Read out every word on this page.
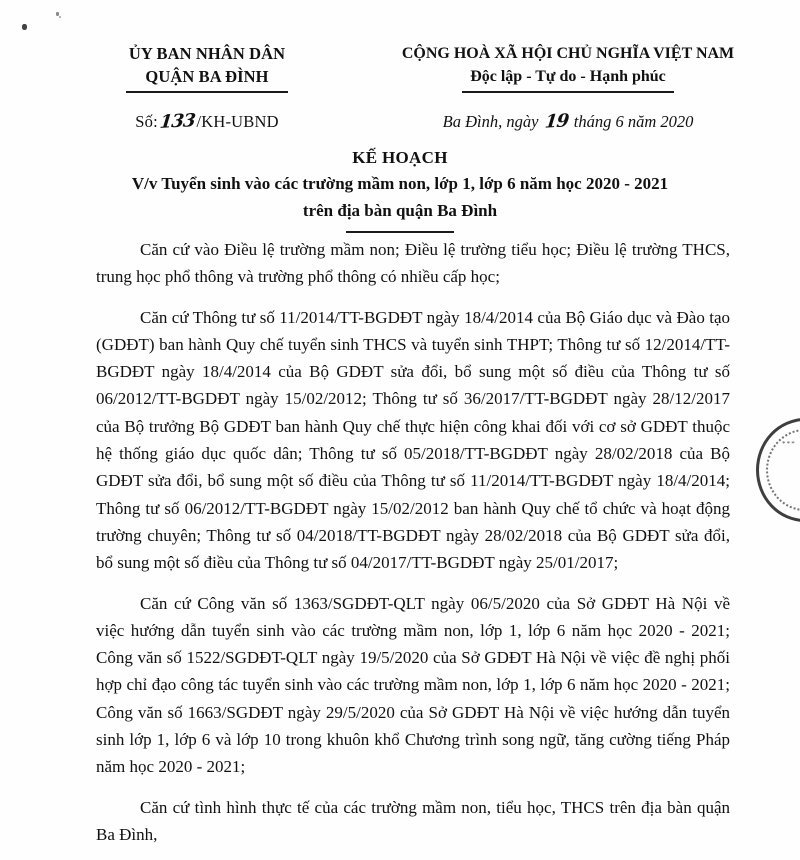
* * *
ỦY BAN NHÂN DÂN
QUẬN BA ĐÌNH
Số:133/KH-UBND
CỘNG HOÀ XÃ HỘI CHỦ NGHĨA VIỆT NAM
Độc lập - Tự do - Hạnh phúc
Ba Đình, ngày 19 tháng 6 năm 2020
KẾ HOẠCH
V/v Tuyển sinh vào các trường mầm non, lớp 1, lớp 6 năm học 2020 - 2021
trên địa bàn quận Ba Đình

Căn cứ vào Điều lệ trường mầm non; Điều lệ trường tiểu học; Điều lệ trường THCS, trung học phổ thông và trường phổ thông có nhiều cấp học;

Căn cứ Thông tư số 11/2014/TT-BGDĐT ngày 18/4/2014 của Bộ Giáo dục và Đào tạo (GDĐT) ban hành Quy chế tuyển sinh THCS và tuyển sinh THPT; Thông tư số 12/2014/TT-BGDĐT ngày 18/4/2014 của Bộ GDĐT sửa đổi, bổ sung một số điều của Thông tư số 06/2012/TT-BGDĐT ngày 15/02/2012; Thông tư số 36/2017/TT-BGDĐT ngày 28/12/2017 của Bộ trưởng Bộ GDĐT ban hành Quy chế thực hiện công khai đối với cơ sở GDĐT thuộc hệ thống giáo dục quốc dân; Thông tư số 05/2018/TT-BGDĐT ngày 28/02/2018 của Bộ GDĐT sửa đổi, bổ sung một số điều của Thông tư số 11/2014/TT-BGDĐT ngày 18/4/2014; Thông tư số 06/2012/TT-BGDĐT ngày 15/02/2012 ban hành Quy chế tổ chức và hoạt động trường chuyên; Thông tư số 04/2018/TT-BGDĐT ngày 28/02/2018 của Bộ GDĐT sửa đổi, bổ sung một số điều của Thông tư số 04/2017/TT-BGDĐT ngày 25/01/2017;

Căn cứ Công văn số 1363/SGDĐT-QLT ngày 06/5/2020 của Sở GDĐT Hà Nội về việc hướng dẫn tuyển sinh vào các trường mầm non, lớp 1, lớp 6 năm học 2020 - 2021; Công văn số 1522/SGDĐT-QLT ngày 19/5/2020 của Sở GDĐT Hà Nội về việc đề nghị phối hợp chỉ đạo công tác tuyển sinh vào các trường mầm non, lớp 1, lớp 6 năm học 2020 - 2021; Công văn số 1663/SGDĐT ngày 29/5/2020 của Sở GDĐT Hà Nội về việc hướng dẫn tuyển sinh lớp 1, lớp 6 và lớp 10 trong khuôn khổ Chương trình song ngữ, tăng cường tiếng Pháp năm học 2020 - 2021;

Căn cứ tình hình thực tế của các trường mầm non, tiểu học, THCS trên địa bàn quận Ba Đình,
